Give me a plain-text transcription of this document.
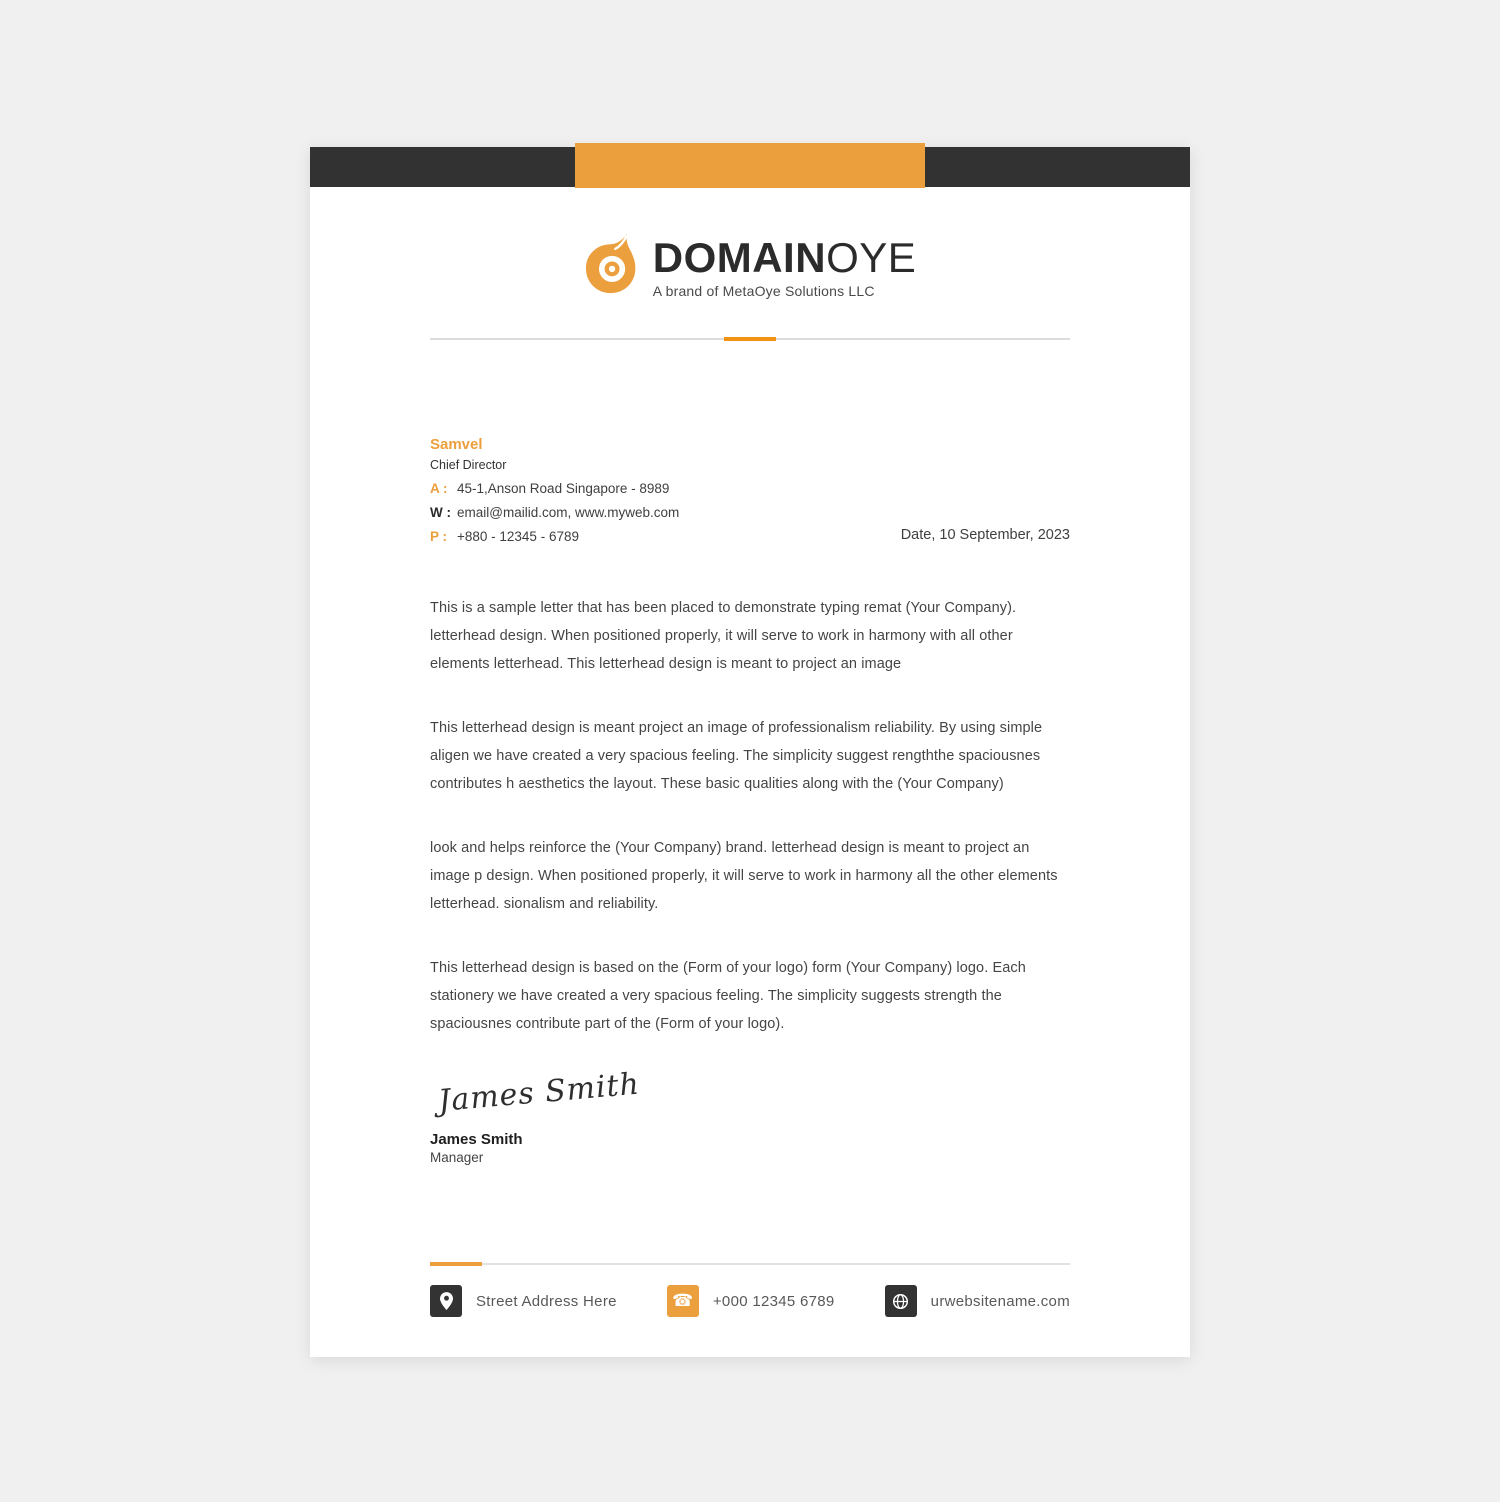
DOMAINOYE
A brand of MetaOye Solutions LLC
Samvel
Chief Director
A : 45-1,Anson Road Singapore - 8989
W : email@mailid.com, www.myweb.com
P : +880 - 12345 - 6789	Date, 10 September, 2023

This is a sample letter that has been placed to demonstrate typing remat (Your Company). letterhead design. When positioned properly, it will serve to work in harmony with all other elements letterhead. This letterhead design is meant to project an image

This letterhead design is meant project an image of professionalism reliability. By using simple aligen we have created a very spacious feeling. The simplicity suggest rengththe spaciousnes contributes h aesthetics the layout. These basic qualities along with the (Your Company)

look and helps reinforce the (Your Company) brand. letterhead design is meant to project an image p design. When positioned properly, it will serve to work in harmony all the other elements letterhead. sionalism and reliability.

This letterhead design is based on the (Form of your logo) form (Your Company) logo. Each stationery we have created a very spacious feeling. The simplicity suggests strength the spaciousnes contribute part of the (Form of your logo).

James Smith
James Smith
Manager
Street Address Here	☎ +000 12345 6789	urwebsitename.com
